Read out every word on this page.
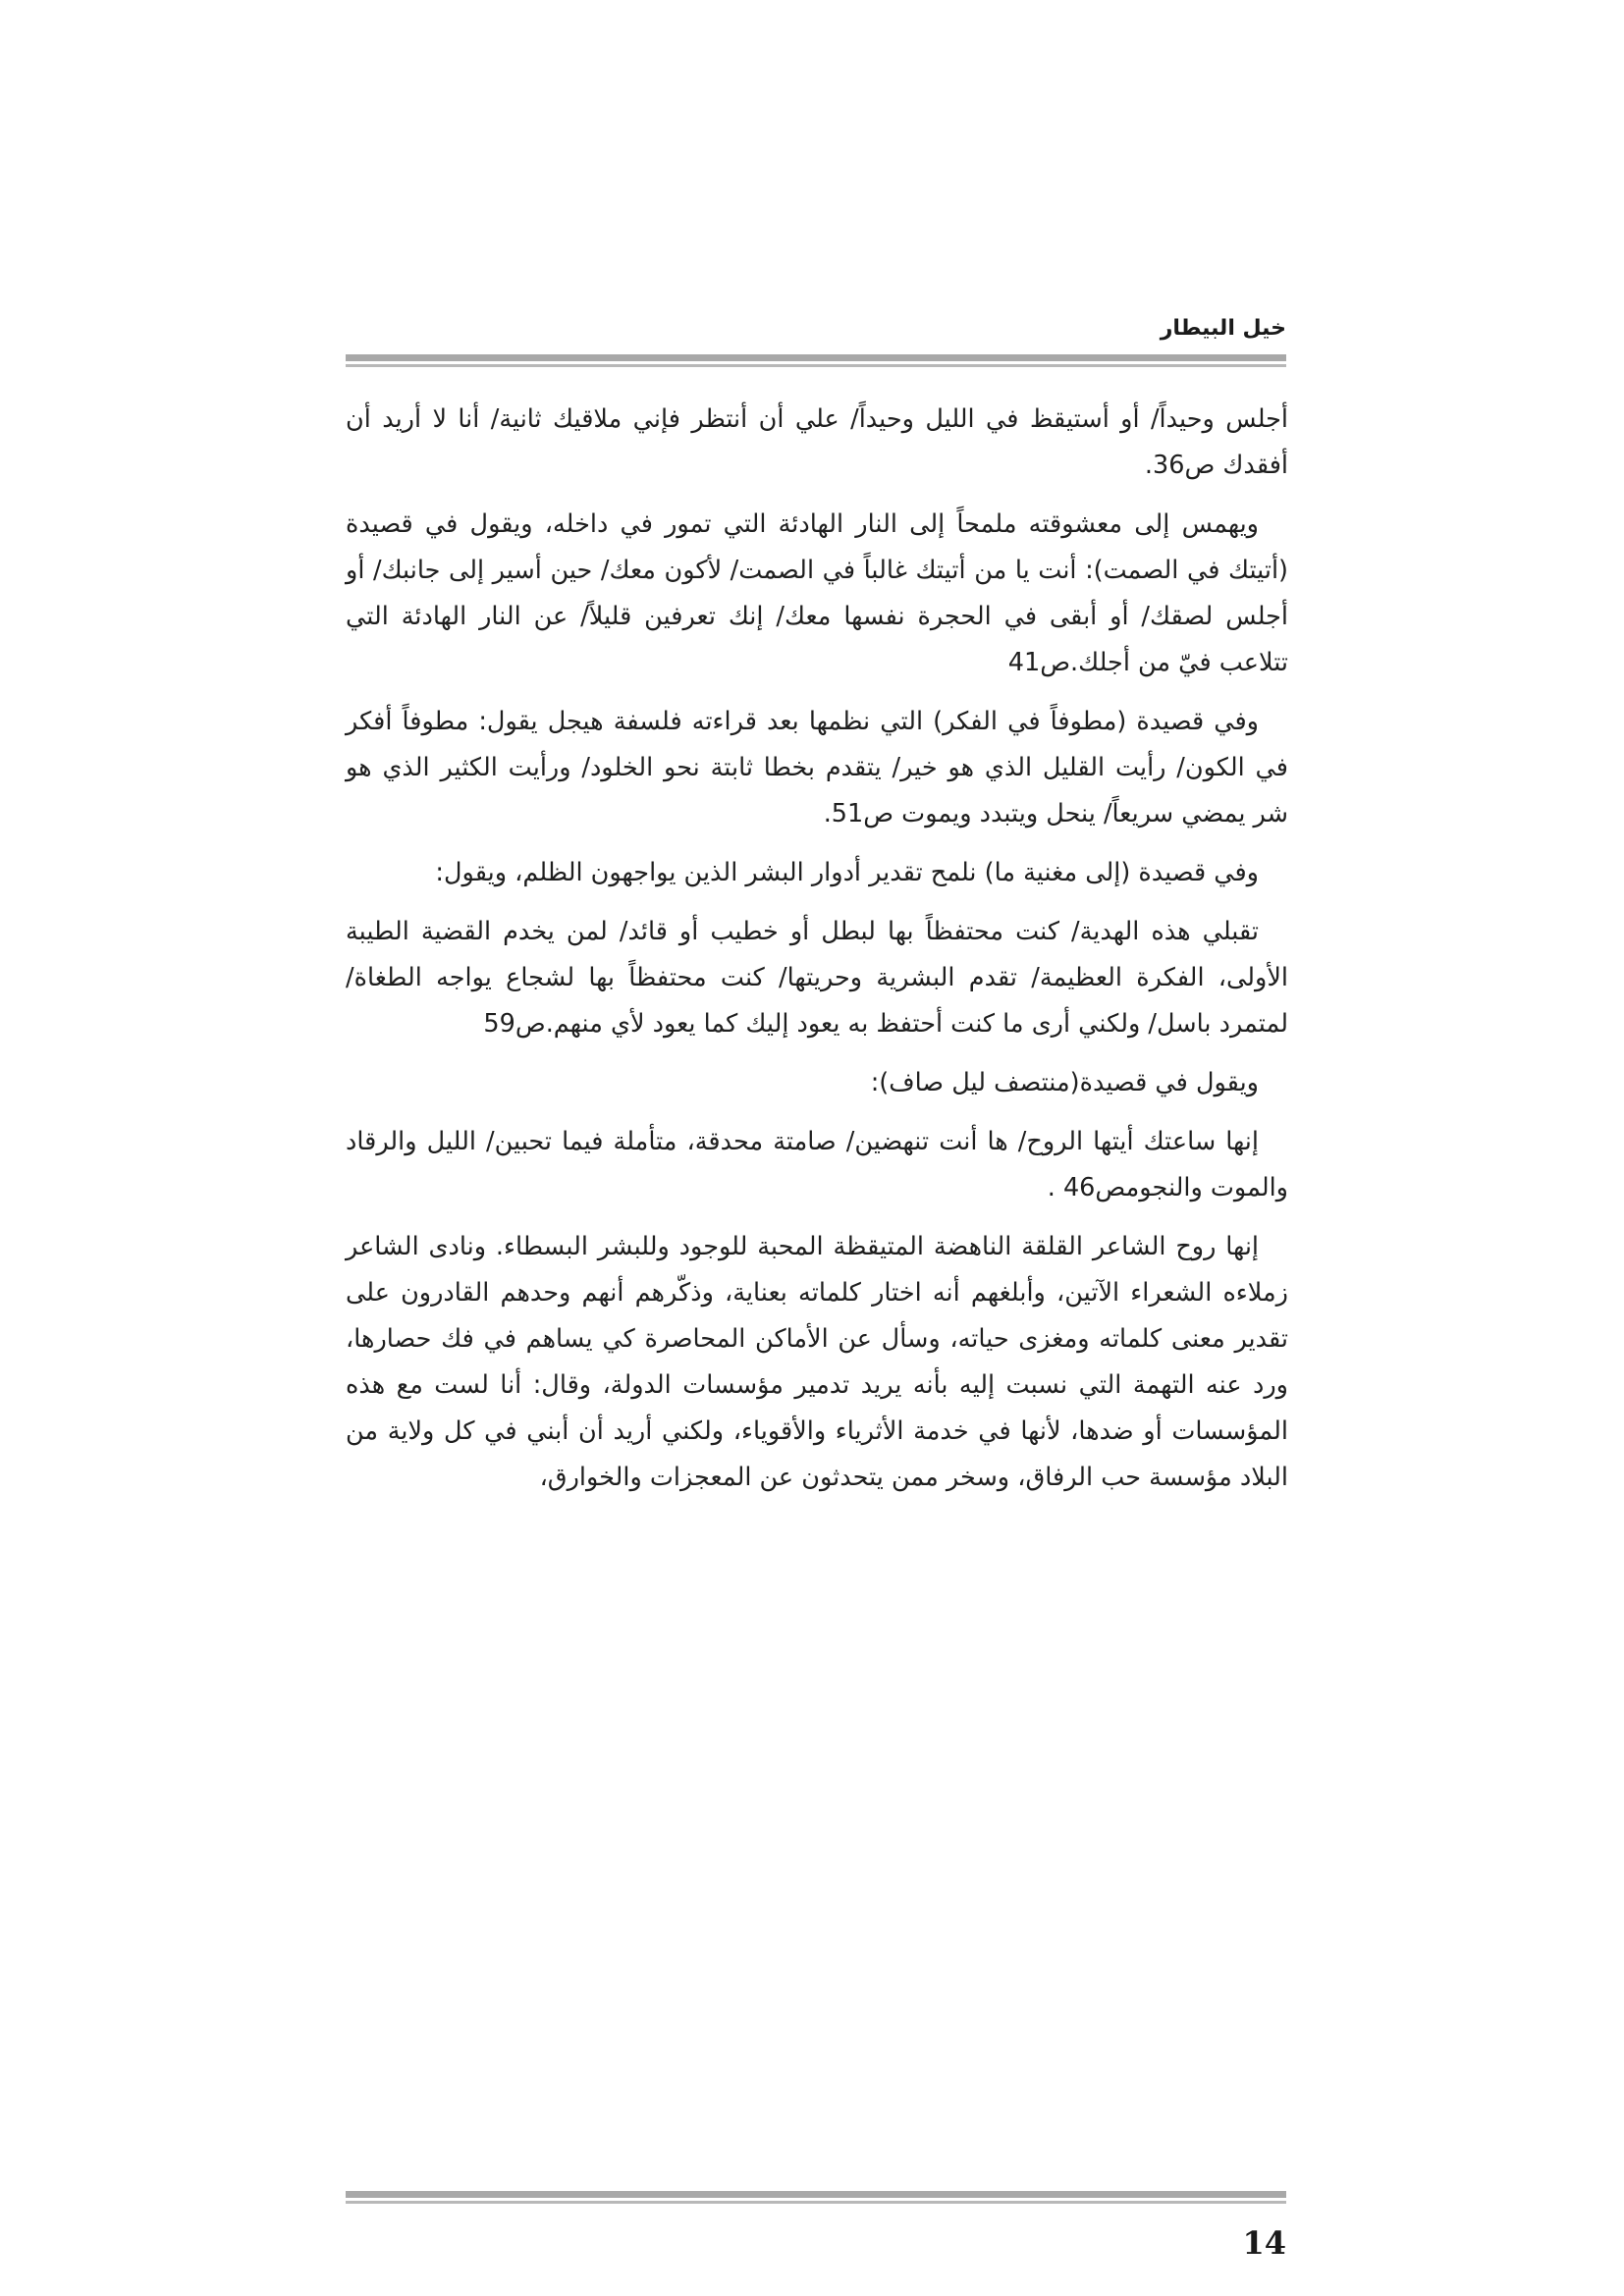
خيل البيطار

أجلس وحيداً/ أو أستيقظ في الليل وحيداً/ علي أن أنتظر فإني ملاقيك ثانية/ أنا لا أريد أن أفقدك ص36.

ويهمس إلى معشوقته ملمحاً إلى النار الهادئة التي تمور في داخله، ويقول في قصيدة (أتيتك في الصمت): أنت يا من أتيتك غالباً في الصمت/ لأكون معك/ حين أسير إلى جانبك/ أو أجلس لصقك/ أو أبقى في الحجرة نفسها معك/ إنك تعرفين قليلاً/ عن النار الهادئة التي تتلاعب فيّ من أجلك.ص41

وفي قصيدة (مطوفاً في الفكر) التي نظمها بعد قراءته فلسفة هيجل يقول: مطوفاً أفكر في الكون/ رأيت القليل الذي هو خير/ يتقدم بخطا ثابتة نحو الخلود/ ورأيت الكثير الذي هو شر يمضي سريعاً/ ينحل ويتبدد ويموت ص51.

وفي قصيدة (إلى مغنية ما) نلمح تقدير أدوار البشر الذين يواجهون الظلم، ويقول:

تقبلي هذه الهدية/ كنت محتفظاً بها لبطل أو خطيب أو قائد/ لمن يخدم القضية الطيبة الأولى، الفكرة العظيمة/ تقدم البشرية وحريتها/ كنت محتفظاً بها لشجاع يواجه الطغاة/ لمتمرد باسل/ ولكني أرى ما كنت أحتفظ به يعود إليك كما يعود لأي منهم.ص59

ويقول في قصيدة(منتصف ليل صاف):

إنها ساعتك أيتها الروح/ ها أنت تنهضين/ صامتة محدقة، متأملة فيما تحبين/ الليل والرقاد والموت والنجومص46 .

إنها روح الشاعر القلقة الناهضة المتيقظة المحبة للوجود وللبشر البسطاء. ونادى الشاعر زملاءه الشعراء الآتين، وأبلغهم أنه اختار كلماته بعناية، وذكّرهم أنهم وحدهم القادرون على تقدير معنى كلماته ومغزى حياته، وسأل عن الأماكن المحاصرة كي يساهم في فك حصارها، ورد عنه التهمة التي نسبت إليه بأنه يريد تدمير مؤسسات الدولة، وقال: أنا لست مع هذه المؤسسات أو ضدها، لأنها في خدمة الأثرياء والأقوياء، ولكني أريد أن أبني في كل ولاية من البلاد مؤسسة حب الرفاق، وسخر ممن يتحدثون عن المعجزات والخوارق،

14
